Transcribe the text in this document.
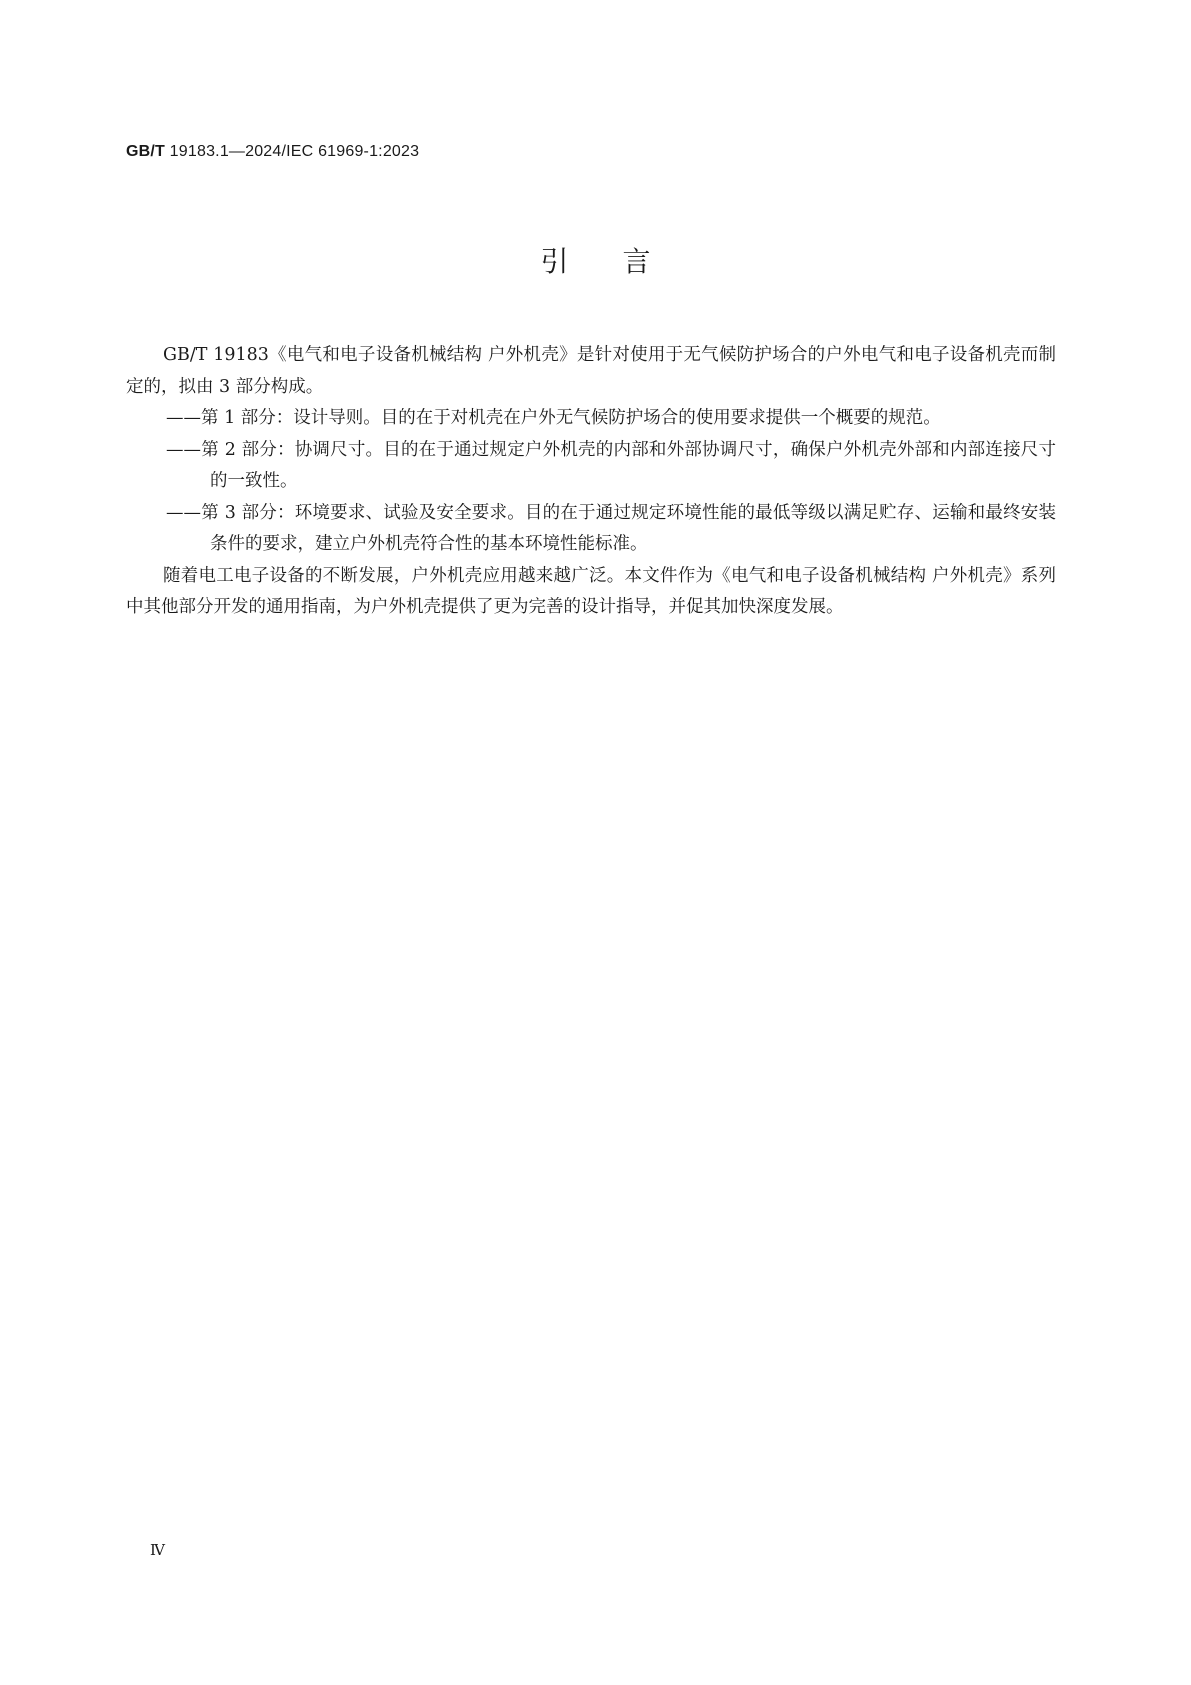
GB/T 19183.1—2024/IEC 61969-1:2023
引言

GB/T 19183《电气和电子设备机械结构 户外机壳》是针对使用于无气候防护场合的户外电气和电子设备机壳而制定的，拟由 3 部分构成。

——第 1 部分：设计导则。目的在于对机壳在户外无气候防护场合的使用要求提供一个概要的规范。

——第 2 部分：协调尺寸。目的在于通过规定户外机壳的内部和外部协调尺寸，确保户外机壳外部和内部连接尺寸的一致性。

——第 3 部分：环境要求、试验及安全要求。目的在于通过规定环境性能的最低等级以满足贮存、运输和最终安装条件的要求，建立户外机壳符合性的基本环境性能标准。

随着电工电子设备的不断发展，户外机壳应用越来越广泛。本文件作为《电气和电子设备机械结构 户外机壳》系列中其他部分开发的通用指南，为户外机壳提供了更为完善的设计指导，并促其加快深度发展。

Ⅳ
